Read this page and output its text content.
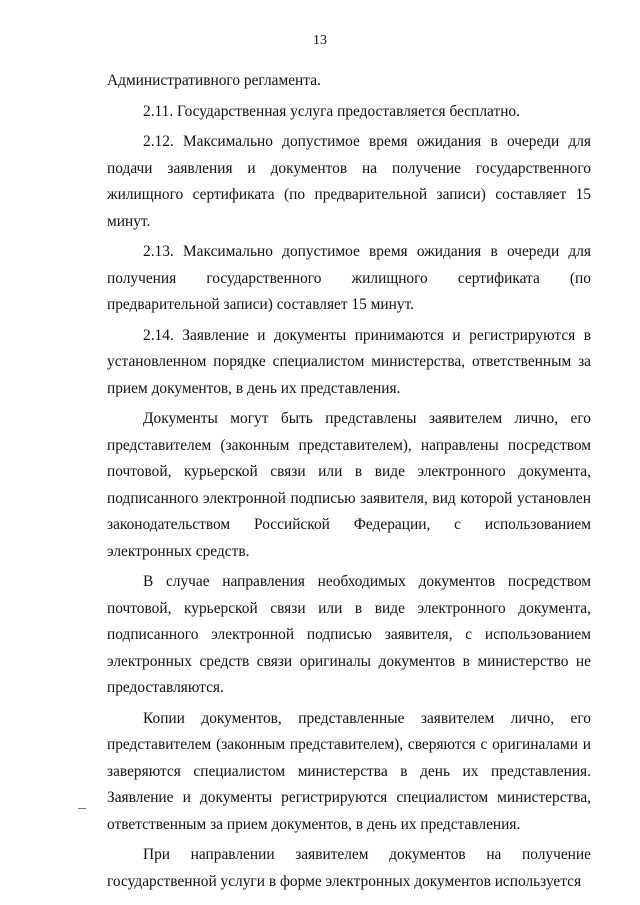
13

Административного регламента.

2.11. Государственная услуга предоставляется бесплатно.

2.12. Максимально допустимое время ожидания в очереди для подачи заявления и документов на получение государственного жилищного сертификата (по предварительной записи) составляет 15 минут.

2.13. Максимально допустимое время ожидания в очереди для получения государственного жилищного сертификата (по предварительной записи) составляет 15 минут.

2.14. Заявление и документы принимаются и регистрируются в установленном порядке специалистом министерства, ответственным за прием документов, в день их представления.

Документы могут быть представлены заявителем лично, его представителем (законным представителем), направлены посредством почтовой, курьерской связи или в виде электронного документа, подписанного электронной подписью заявителя, вид которой установлен законодательством Российской Федерации, с использованием электронных средств.

В случае направления необходимых документов посредством почтовой, курьерской связи или в виде электронного документа, подписанного электронной подписью заявителя, с использованием электронных средств связи оригиналы документов в министерство не предоставляются.

Копии документов, представленные заявителем лично, его представителем (законным представителем), сверяются с оригиналами и заверяются специалистом министерства в день их представления. Заявление и документы регистрируются специалистом министерства, ответственным за прием документов, в день их представления.

При направлении заявителем документов на получение государственной услуги в форме электронных документов используется
